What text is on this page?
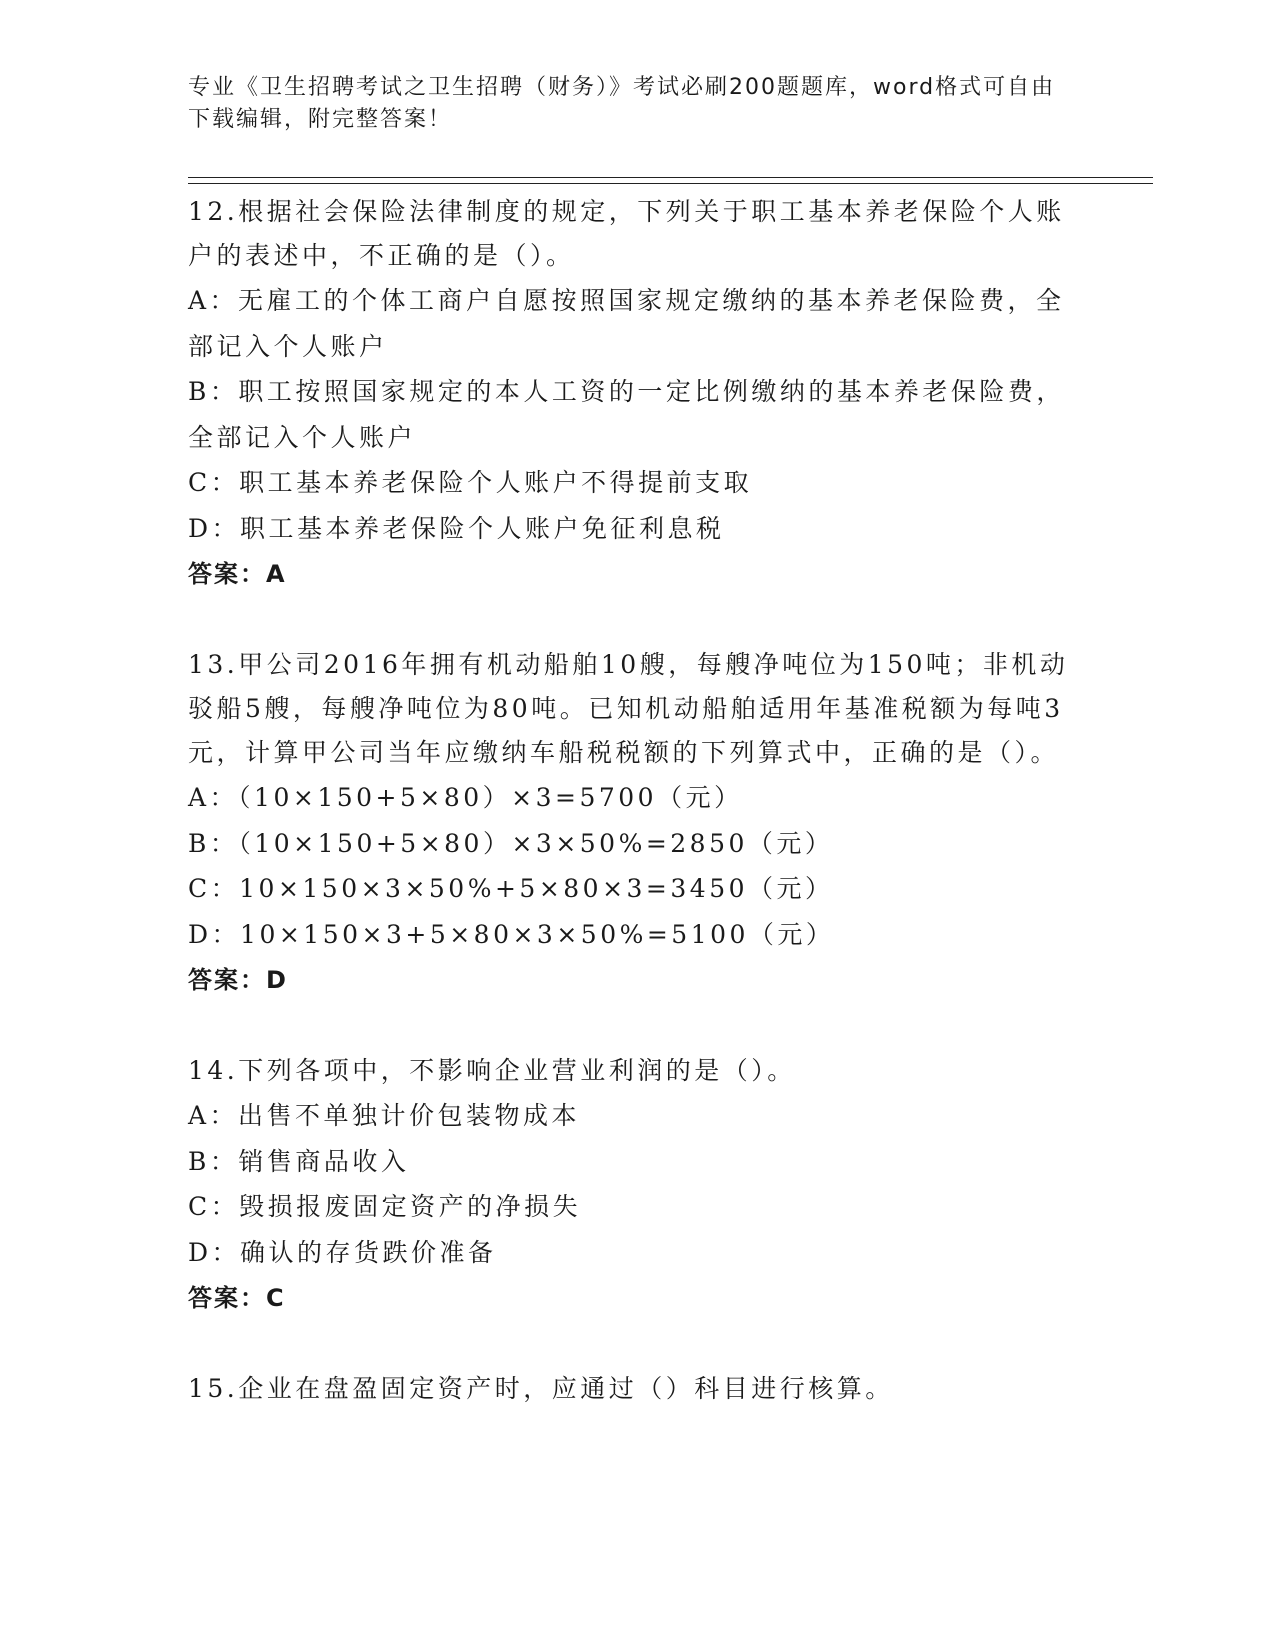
专业《卫生招聘考试之卫生招聘（财务）》考试必刷200题题库，word格式可自由下载编辑，附完整答案！
12.根据社会保险法律制度的规定，下列关于职工基本养老保险个人账户的表述中，不正确的是（）。
A：无雇工的个体工商户自愿按照国家规定缴纳的基本养老保险费，全部记入个人账户
B：职工按照国家规定的本人工资的一定比例缴纳的基本养老保险费，全部记入个人账户
C：职工基本养老保险个人账户不得提前支取
D：职工基本养老保险个人账户免征利息税
答案：A
13.甲公司2016年拥有机动船舶10艘，每艘净吨位为150吨；非机动驳船5艘，每艘净吨位为80吨。已知机动船舶适用年基准税额为每吨3元，计算甲公司当年应缴纳车船税税额的下列算式中，正确的是（）。
A：（10×150+5×80）×3=5700（元）
B：（10×150+5×80）×3×50%=2850（元）
C：10×150×3×50%+5×80×3=3450（元）
D：10×150×3+5×80×3×50%=5100（元）
答案：D
14.下列各项中，不影响企业营业利润的是（）。
A：出售不单独计价包装物成本
B：销售商品收入
C：毁损报废固定资产的净损失
D：确认的存货跌价准备
答案：C
15.企业在盘盈固定资产时，应通过（）科目进行核算。
